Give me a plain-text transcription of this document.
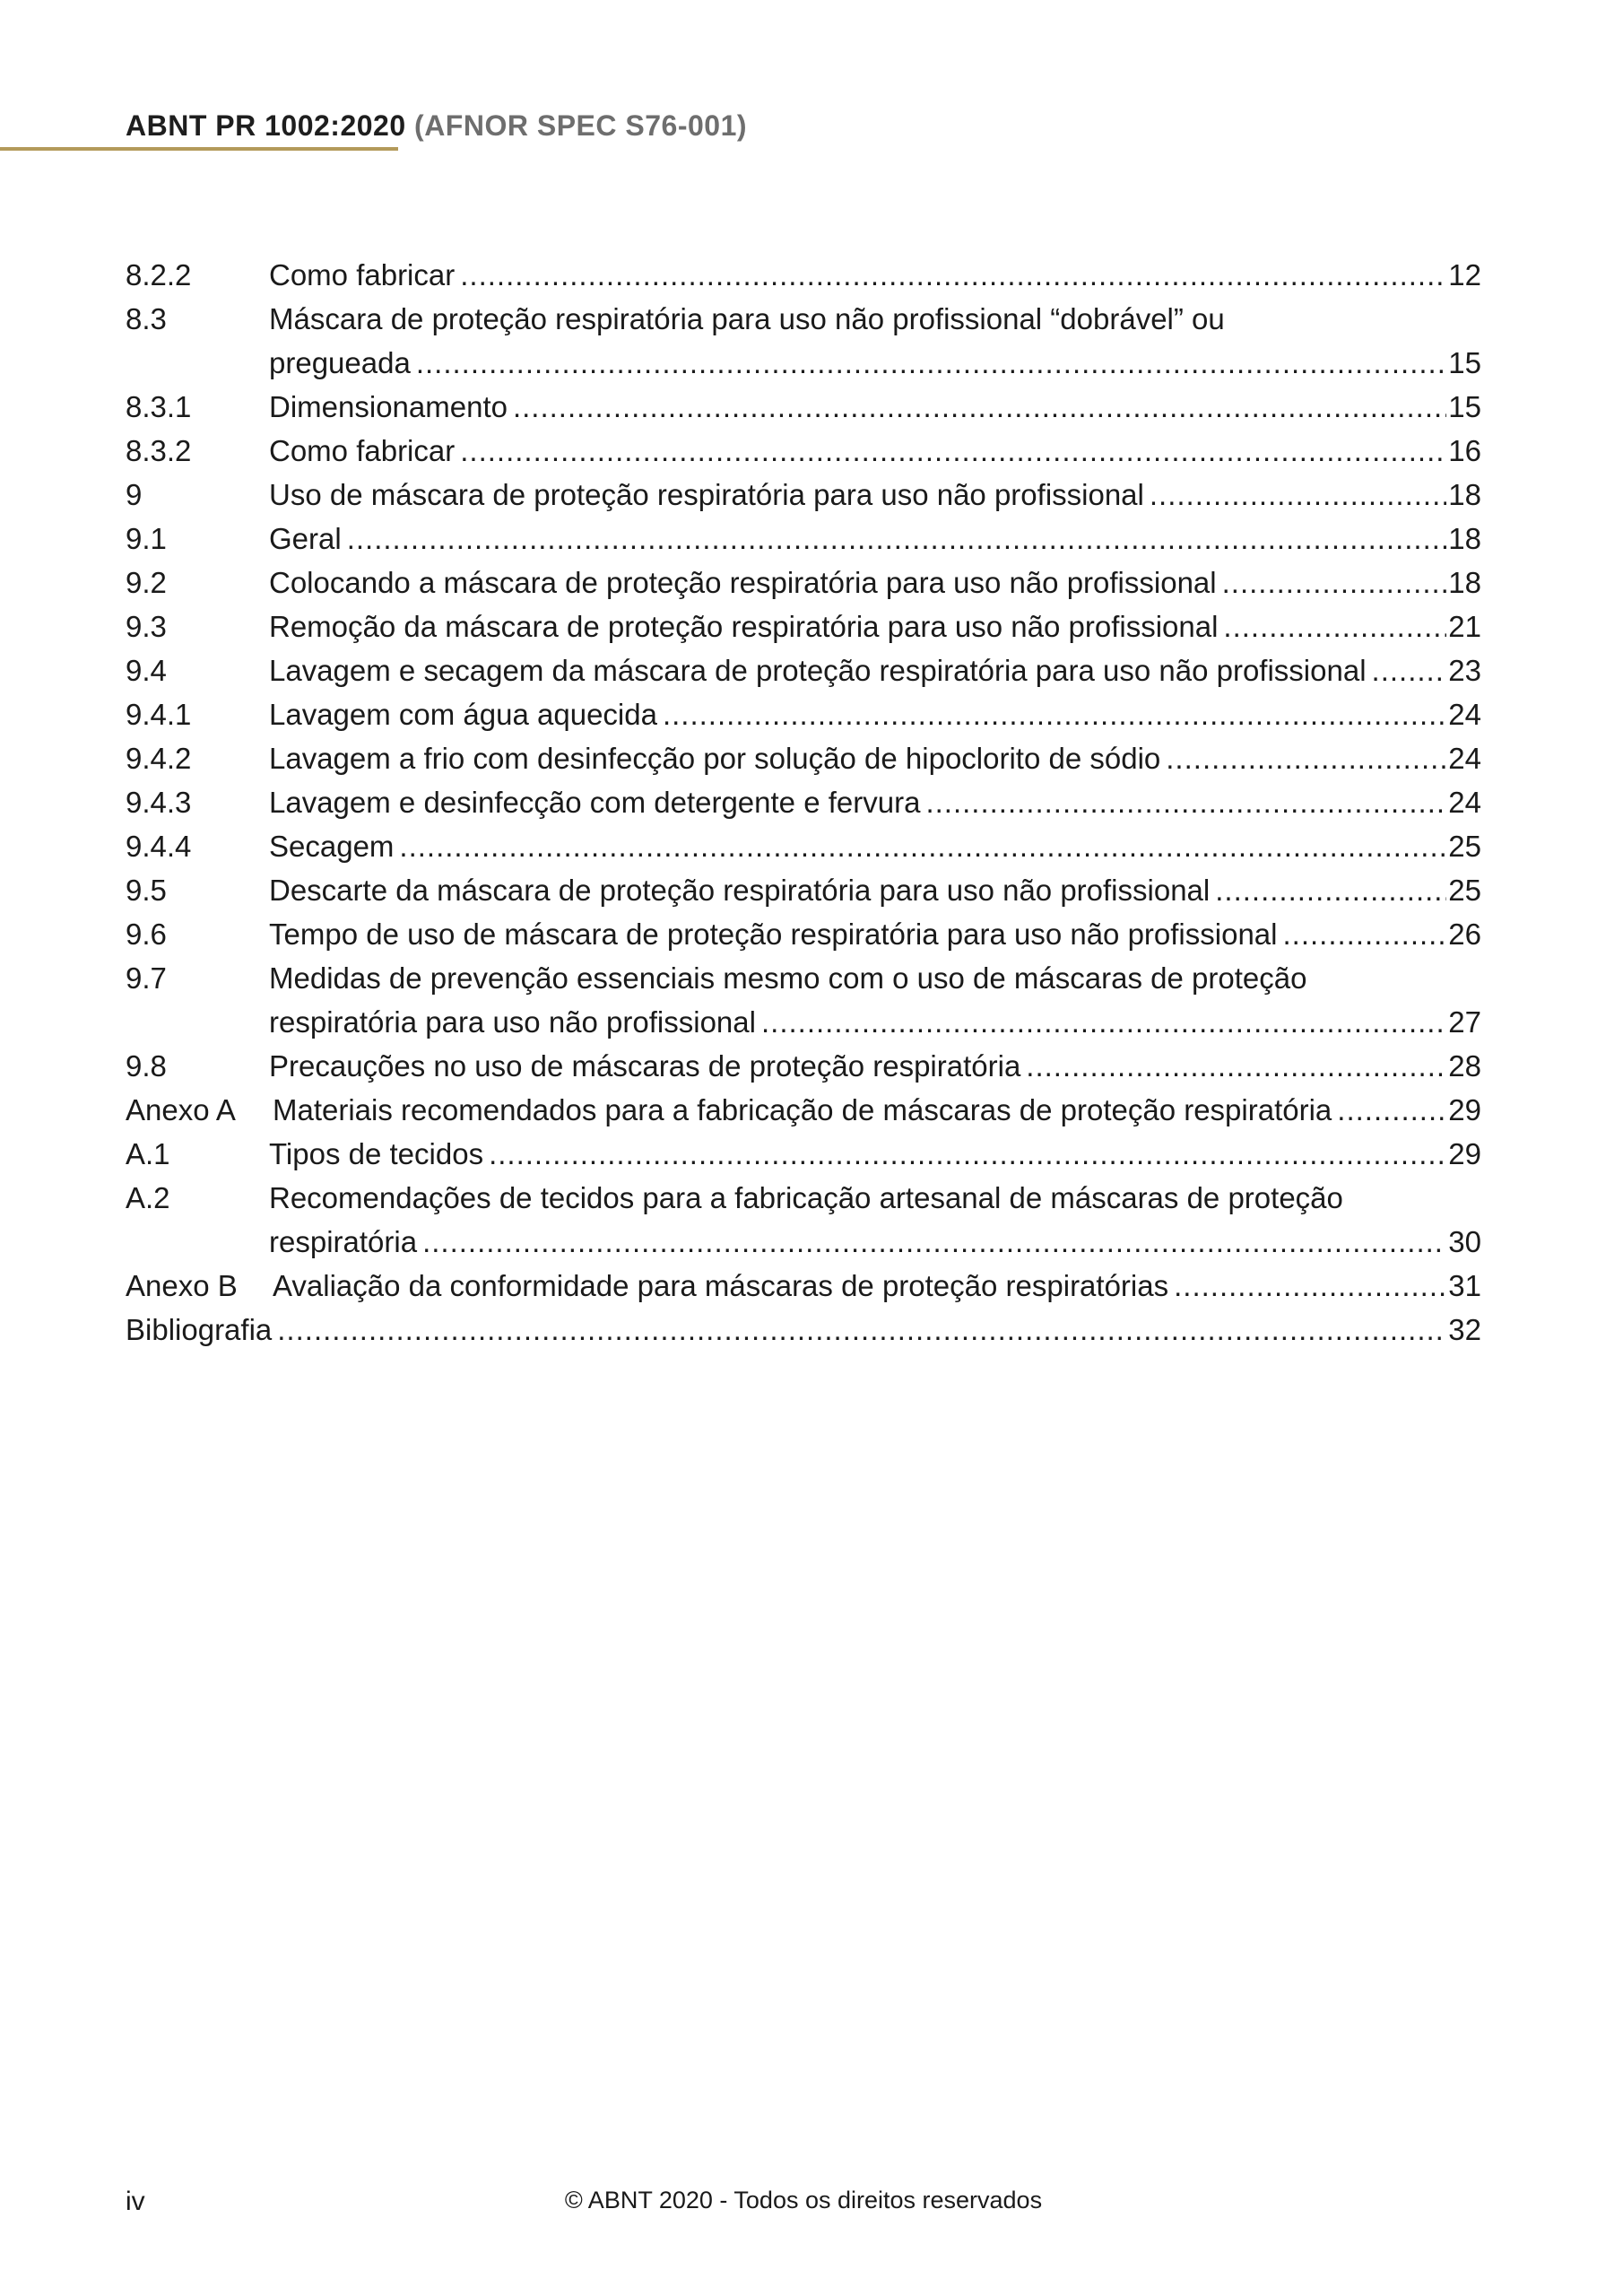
ABNT PR 1002:2020 (AFNOR SPEC S76-001)
8.2.2	Como fabricar .....	12
8.3	Máscara de proteção respiratória para uso não profissional “dobrável” ou
pregueada .....	15
8.3.1	Dimensionamento .....	15
8.3.2	Como fabricar .....	16
9	Uso de máscara de proteção respiratória para uso não profissional .....	18
9.1	Geral .....	18
9.2	Colocando a máscara de proteção respiratória para uso não profissional .....	18
9.3	Remoção da máscara de proteção respiratória para uso não profissional .....	21
9.4	Lavagem e secagem da máscara de proteção respiratória para uso não profissional .....	23
9.4.1	Lavagem com água aquecida .....	24
9.4.2	Lavagem a frio com desinfecção por solução de hipoclorito de sódio .....	24
9.4.3	Lavagem e desinfecção com detergente e fervura .....	24
9.4.4	Secagem .....	25
9.5	Descarte da máscara de proteção respiratória para uso não profissional .....	25
9.6	Tempo de uso de máscara de proteção respiratória para uso não profissional .....	26
9.7	Medidas de prevenção essenciais mesmo com o uso de máscaras de proteção
respiratória para uso não profissional .....	27
9.8	Precauções no uso de máscaras de proteção respiratória .....	28
Anexo A	Materiais recomendados para a fabricação de máscaras de proteção respiratória .....	29
A.1	Tipos de tecidos .....	29
A.2	Recomendações de tecidos para a fabricação artesanal de máscaras de proteção
respiratória .....	30
Anexo B	Avaliação da conformidade para máscaras de proteção respiratórias .....	31
Bibliografia .....	32
iv	© ABNT 2020 - Todos os direitos reservados
